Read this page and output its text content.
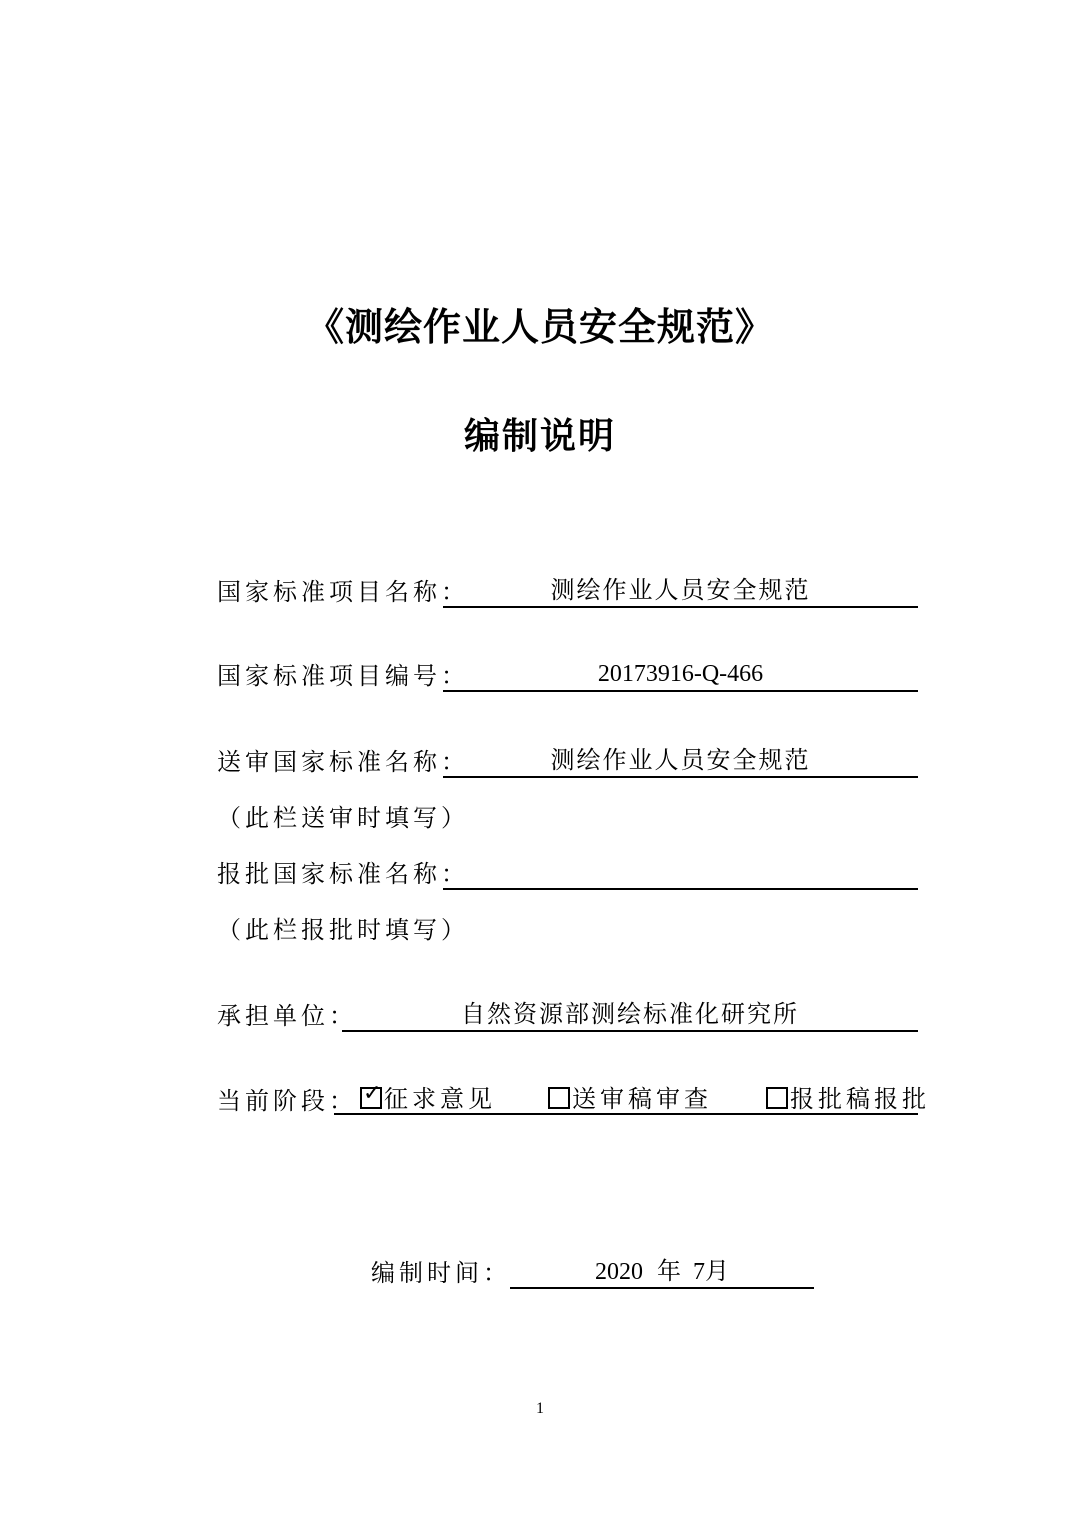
《测绘作业人员安全规范》
编制说明
国家标准项目名称：	测绘作业人员安全规范
国家标准项目编号：	20173916-Q-466
送审国家标准名称：	测绘作业人员安全规范
（此栏送审时填写）
报批国家标准名称：
（此栏报批时填写）
承担单位：	自然资源部测绘标准化研究所
当前阶段： ✓ 征求意见	送审稿审查	报批稿报批
编制时间：	2020 年 7月
1
